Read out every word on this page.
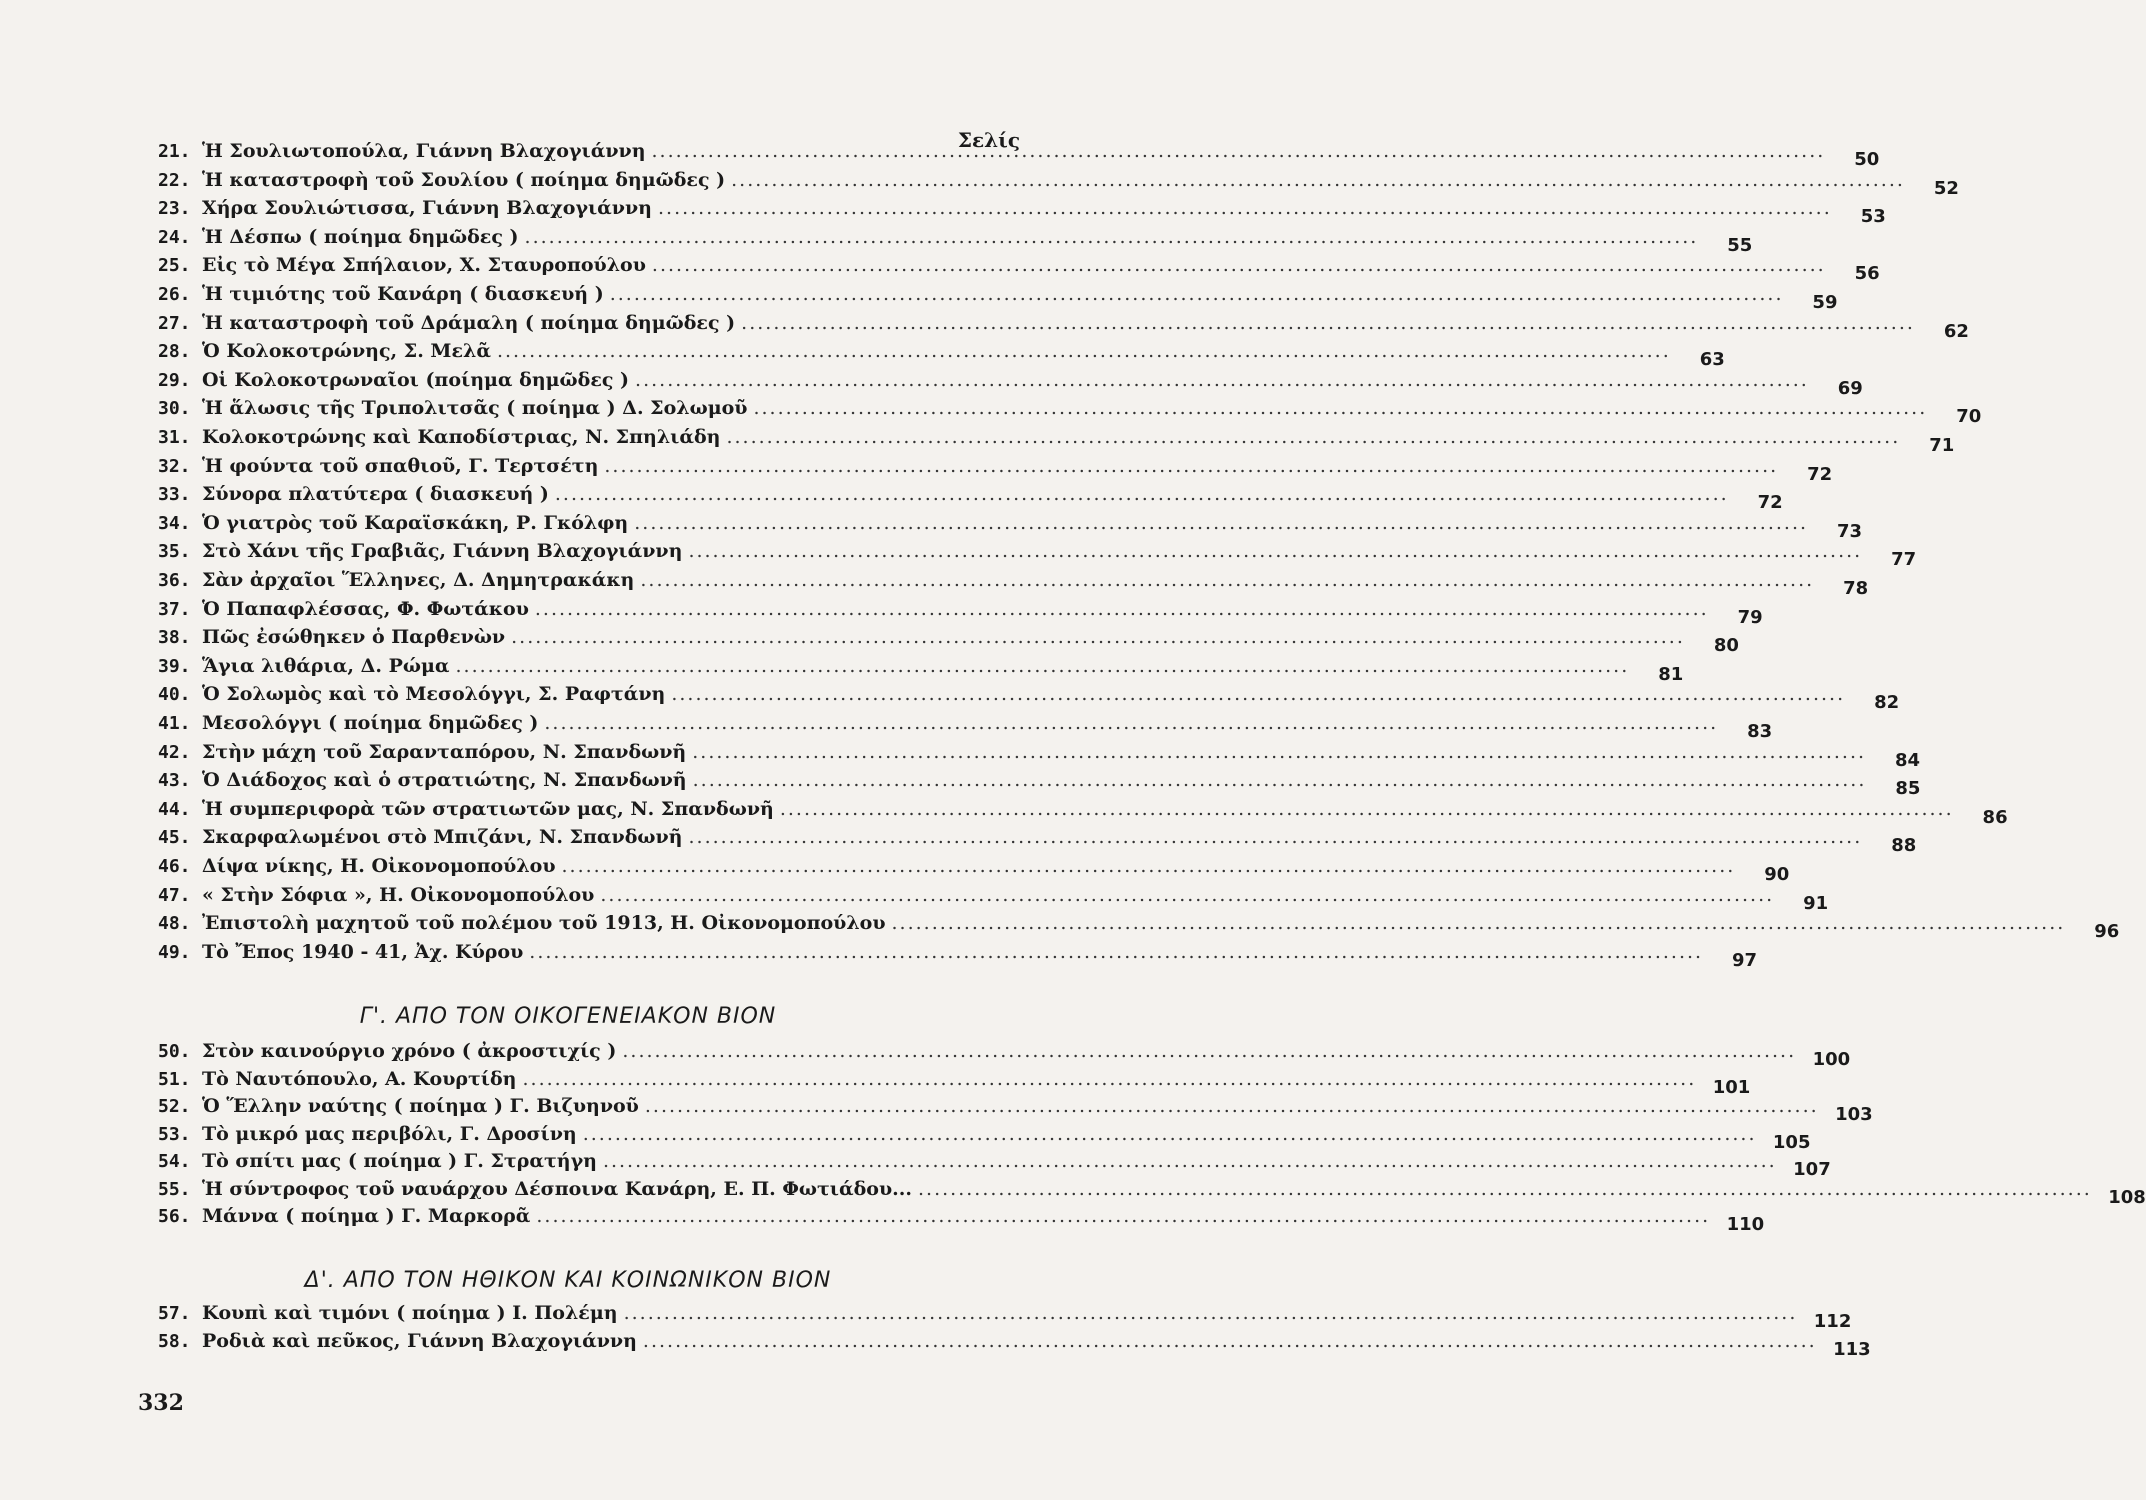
Σελίς
21. Ἡ Σουλιωτοπούλα, Γιάννη Βλαχογιάννη .....	50
22. Ἡ καταστροφὴ τοῦ Σουλίου ( ποίημα δημῶδες ) .....	52
23. Χήρα Σουλιώτισσα, Γιάννη Βλαχογιάννη .....	53
24. Ἡ Δέσπω ( ποίημα δημῶδες ) .....	55
25. Εἰς τὸ Μέγα Σπήλαιον, Χ. Σταυροπούλου .....	56
26. Ἡ τιμιότης τοῦ Κανάρη ( διασκευή ) .....	59
27. Ἡ καταστροφὴ τοῦ Δράμαλη ( ποίημα δημῶδες ) .....	62
28. Ὁ Κολοκοτρώνης, Σ. Μελᾶ .....	63
29. Οἱ Κολοκοτρωναῖοι (ποίημα δημῶδες ) .....	69
30. Ἡ ἅλωσις τῆς Τριπολιτσᾶς ( ποίημα ) Δ. Σολωμοῦ .....	70
31. Κολοκοτρώνης καὶ Καποδίστριας, Ν. Σπηλιάδη .....	71
32. Ἡ φούντα τοῦ σπαθιοῦ, Γ. Τερτσέτη .....	72
33. Σύνορα πλατύτερα ( διασκευή ) .....	72
34. Ὁ γιατρὸς τοῦ Καραϊσκάκη, Ρ. Γκόλφη .....	73
35. Στὸ Χάνι τῆς Γραβιᾶς, Γιάννη Βλαχογιάννη .....	77
36. Σὰν ἀρχαῖοι Ἕλληνες, Δ. Δημητρακάκη .....	78
37. Ὁ Παπαφλέσσας, Φ. Φωτάκου .....	79
38. Πῶς ἐσώθηκεν ὁ Παρθενὼν .....	80
39. Ἅγια λιθάρια, Δ. Ρώμα .....	81
40. Ὁ Σολωμὸς καὶ τὸ Μεσολόγγι, Σ. Ραφτάνη .....	82
41. Μεσολόγγι ( ποίημα δημῶδες ) .....	83
42. Στὴν μάχη τοῦ Σαρανταπόρου, Ν. Σπανδωνῆ .....	84
43. Ὁ Διάδοχος καὶ ὁ στρατιώτης, Ν. Σπανδωνῆ .....	85
44. Ἡ συμπεριφορὰ τῶν στρατιωτῶν μας, Ν. Σπανδωνῆ .....	86
45. Σκαρφαλωμένοι στὸ Μπιζάνι, Ν. Σπανδωνῆ .....	88
46. Δίψα νίκης, Η. Οἰκονομοπούλου .....	90
47. « Στὴν Σόφια », Η. Οἰκονομοπούλου .....	91
48. Ἐπιστολὴ μαχητοῦ τοῦ πολέμου τοῦ 1913, Η. Οἰκονομοπούλου .....	96
49. Τὸ Ἔπος 1940 - 41, Ἀχ. Κύρου .....	97
Γ'. ΑΠΟ ΤΟΝ ΟΙΚΟΓΕΝΕΙΑΚΟΝ ΒΙΟΝ
50. Στὸν καινούργιο χρόνο ( ἀκροστιχίς ) .....	100
51. Τὸ Ναυτόπουλο, Α. Κουρτίδη .....	101
52. Ὁ Ἕλλην ναύτης ( ποίημα ) Γ. Βιζυηνοῦ .....	103
53. Τὸ μικρό μας περιβόλι, Γ. Δροσίνη .....	105
54. Τὸ σπίτι μας ( ποίημα ) Γ. Στρατήγη .....	107
55. Ἡ σύντροφος τοῦ ναυάρχου Δέσποινα Κανάρη, Ε. Π. Φωτιάδου... .....	108
56. Μάννα ( ποίημα ) Γ. Μαρκορᾶ .....	110
Δ'. ΑΠΟ ΤΟΝ ΗΘΙΚΟΝ ΚΑΙ ΚΟΙΝΩΝΙΚΟΝ ΒΙΟΝ
57. Κουπὶ καὶ τιμόνι ( ποίημα ) Ι. Πολέμη .....	112
58. Ροδιὰ καὶ πεῦκος, Γιάννη Βλαχογιάννη .....	113
332
